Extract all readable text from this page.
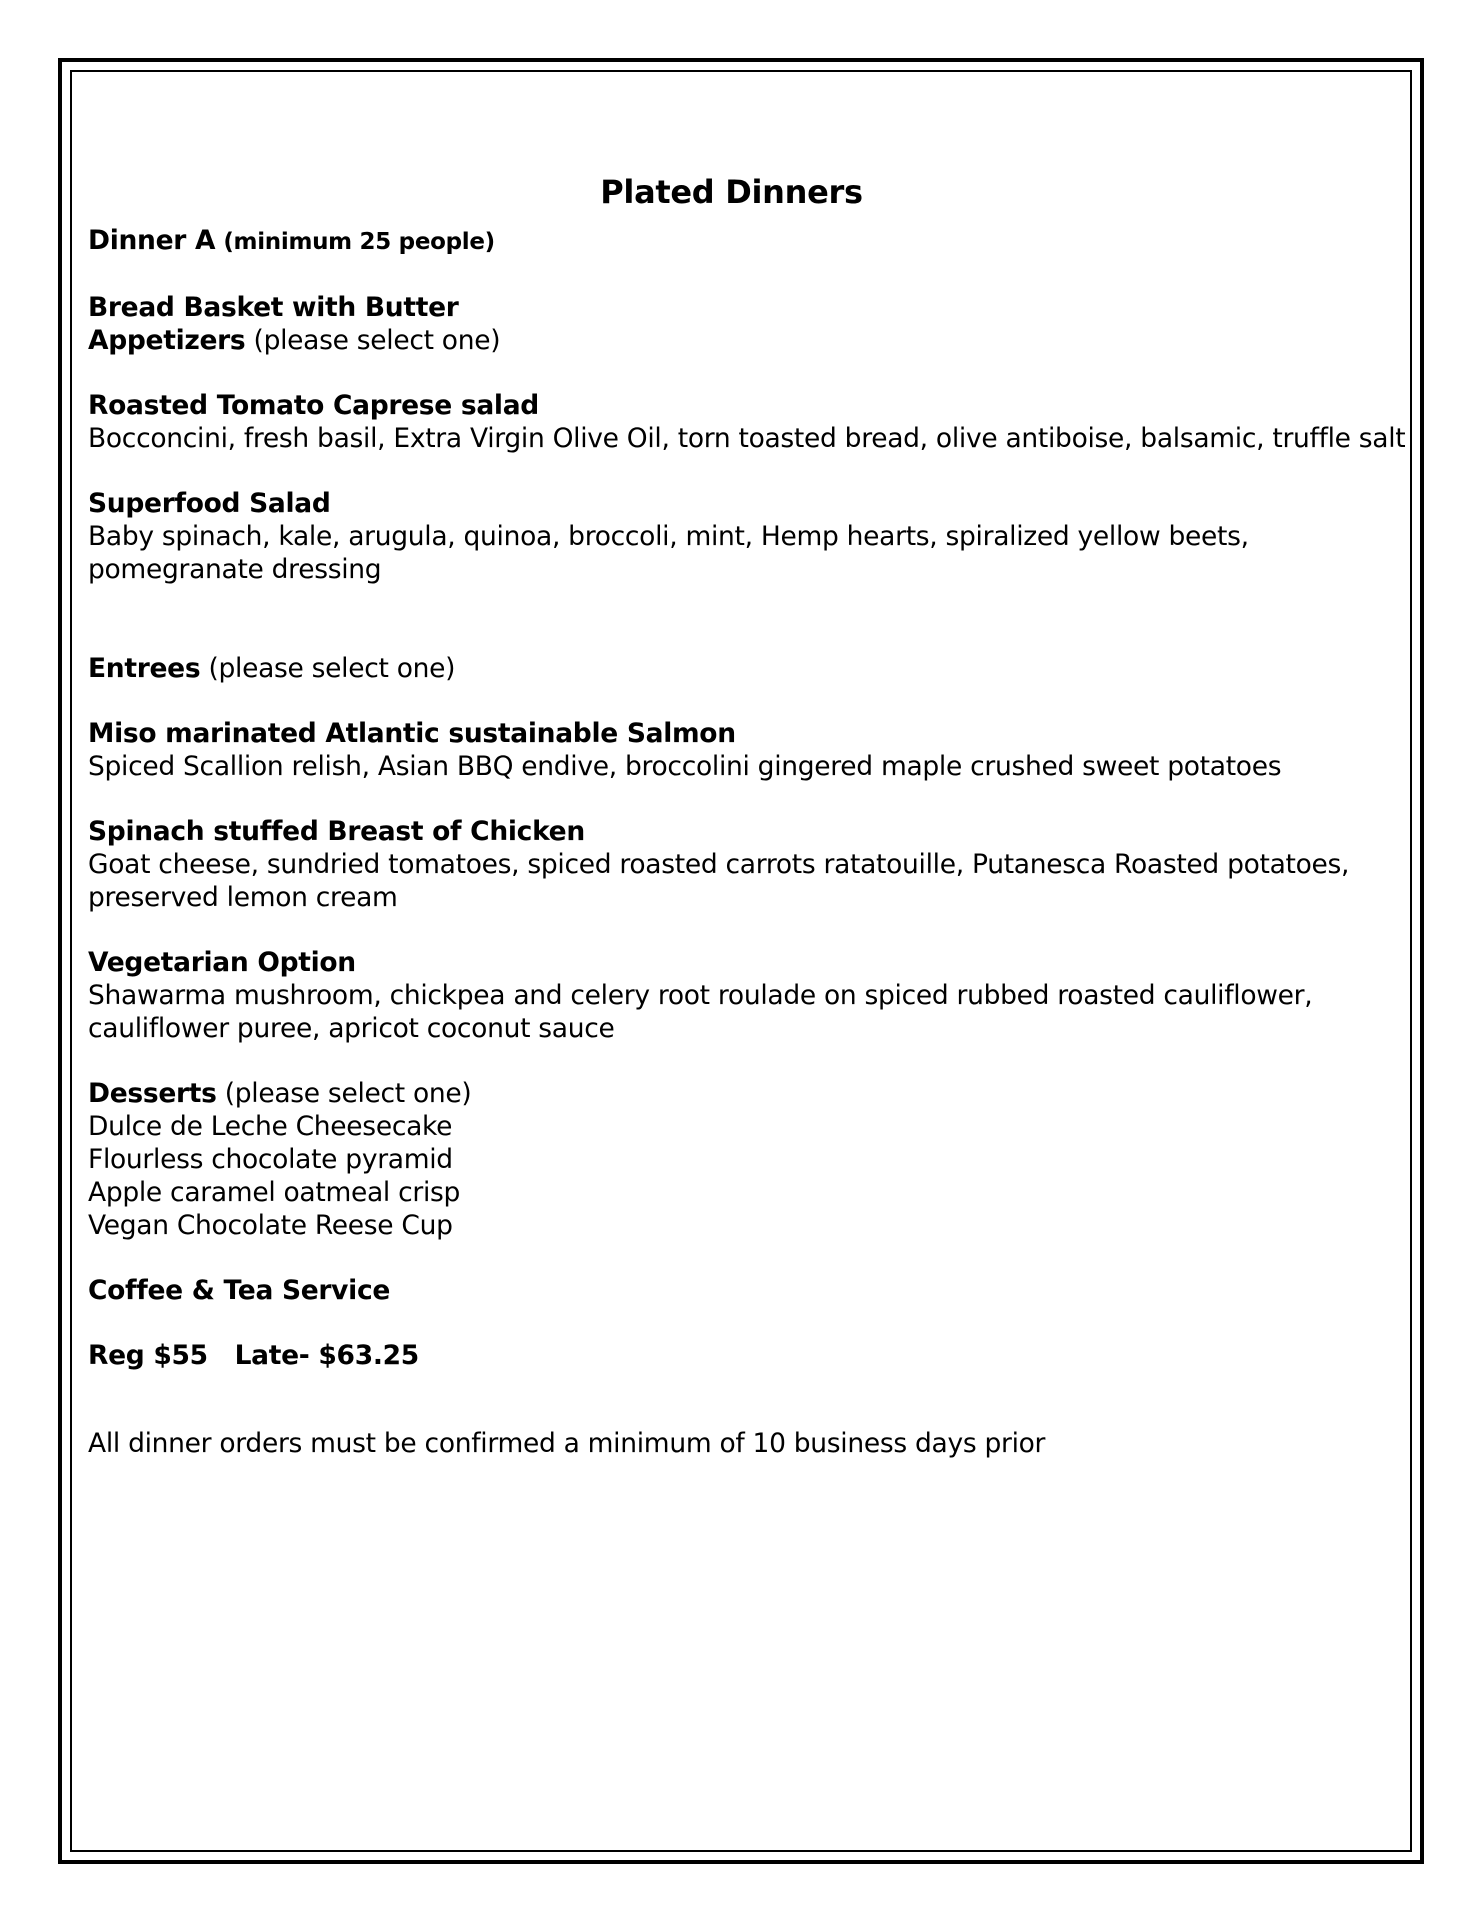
Plated Dinners

Dinner A (minimum 25 people)

Bread Basket with Butter

Appetizers (please select one)

Roasted Tomato Caprese salad

Bocconcini, fresh basil, Extra Virgin Olive Oil, torn toasted bread, olive antiboise, balsamic, truffle salt

Superfood Salad

Baby spinach, kale, arugula, quinoa, broccoli, mint, Hemp hearts, spiralized yellow beets,

pomegranate dressing

Entrees (please select one)

Miso marinated Atlantic sustainable Salmon

Spiced Scallion relish, Asian BBQ endive, broccolini gingered maple crushed sweet potatoes

Spinach stuffed Breast of Chicken

Goat cheese, sundried tomatoes, spiced roasted carrots ratatouille, Putanesca Roasted potatoes,

preserved lemon cream

Vegetarian Option

Shawarma mushroom, chickpea and celery root roulade on spiced rubbed roasted cauliflower,

cauliflower puree, apricot coconut sauce

Desserts (please select one)

Dulce de Leche Cheesecake

Flourless chocolate pyramid

Apple caramel oatmeal crisp

Vegan Chocolate Reese Cup

Coffee & Tea Service

Reg $55 Late- $63.25

All dinner orders must be confirmed a minimum of 10 business days prior
